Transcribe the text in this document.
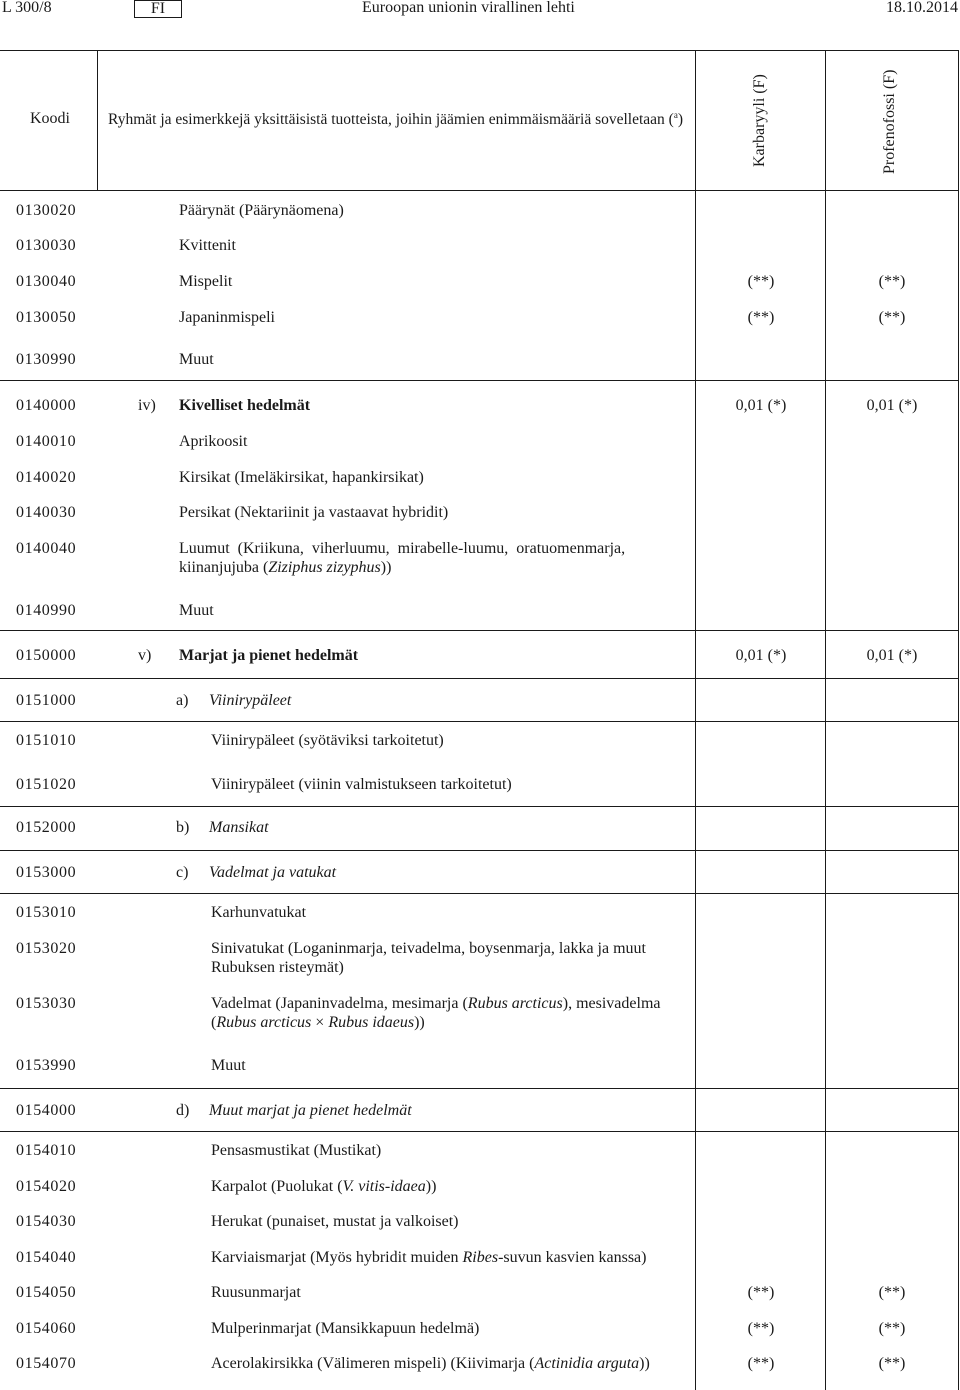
L 300/8	FI	Euroopan unionin virallinen lehti	18.10.2014
Koodi Ryhmät ja esimerkkejä yksittäisistä tuotteista, joihin jäämien enimmäismääriä sovelletaan ($^a$)	Karbaryyli (F)	Profenofossi (F)
0130020	Päärynät (Päärynäomena)
0130030	Kvittenit
0130040	Mispelit	(**)	(**)
0130050	Japaninmispeli	(**)	(**)
0130990	Muut
0140000	iv) Kivelliset hedelmät	0,01 (*)	0,01 (*)
0140010	Aprikoosit
0140020	Kirsikat (Imeläkirsikat, hapankirsikat)
0140030	Persikat (Nektariinit ja vastaavat hybridit)
0140040	Luumut  (Kriikuna,  viherluumu,  mirabelle-luumu,  oratuomenmarja,
kiinanjujuba (Ziziphus zizyphus))
0140990	Muut
0150000	v) Marjat ja pienet hedelmät	0,01 (*)	0,01 (*)
0151000	a) Viinirypäleet
0151010	Viinirypäleet (syötäviksi tarkoitetut)
0151020	Viinirypäleet (viinin valmistukseen tarkoitetut)
0152000	b) Mansikat
0153000	c) Vadelmat ja vatukat
0153010	Karhunvatukat
0153020	Sinivatukat (Loganinmarja, teivadelma, boysenmarja, lakka ja muut
Rubuksen risteymät)
0153030	Vadelmat (Japaninvadelma, mesimarja (Rubus arcticus), mesivadelma
(Rubus arcticus × Rubus idaeus))
0153990	Muut
0154000	d) Muut marjat ja pienet hedelmät
0154010	Pensasmustikat (Mustikat)
0154020	Karpalot (Puolukat (V. vitis-idaea))
0154030	Herukat (punaiset, mustat ja valkoiset)
0154040	Karviaismarjat (Myös hybridit muiden Ribes-suvun kasvien kanssa)
0154050	Ruusunmarjat	(**)	(**)
0154060	Mulperinmarjat (Mansikkapuun hedelmä)	(**)	(**)
0154070	Acerolakirsikka (Välimeren mispeli) (Kiivimarja (Actinidia arguta))	(**)	(**)
